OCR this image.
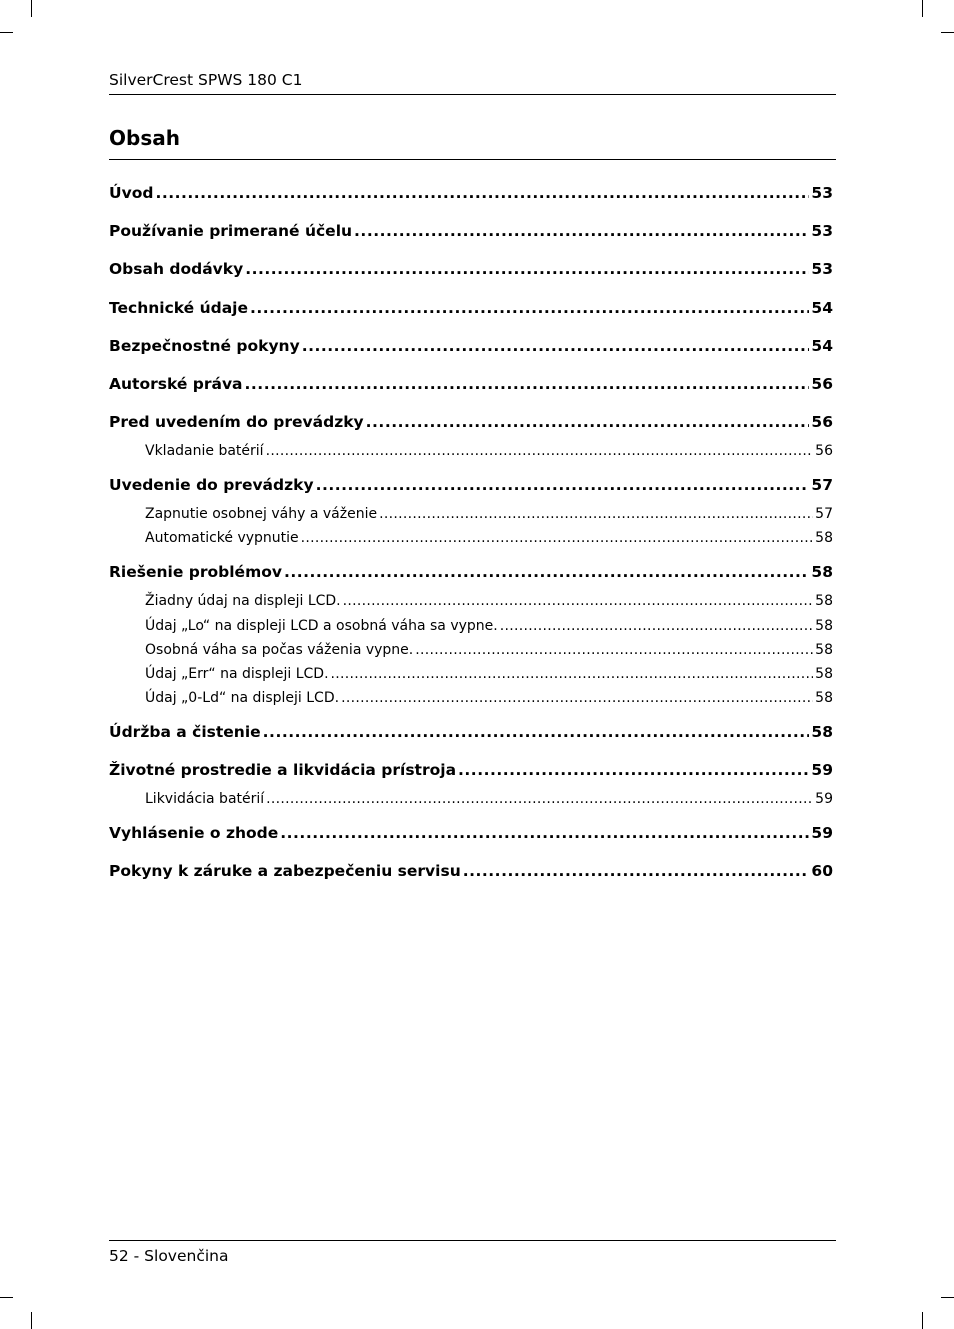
SilverCrest SPWS 180 C1
Obsah
Úvod .....	53
Používanie primerané účelu .....	53
Obsah dodávky .....	53
Technické údaje .....	54
Bezpečnostné pokyny .....	54
Autorské práva .....	56
Pred uvedením do prevádzky .....	56
Vkladanie batérií .....	56
Uvedenie do prevádzky .....	57
Zapnutie osobnej váhy a váženie .....	57
Automatické vypnutie .....	58
Riešenie problémov .....	58
Žiadny údaj na displeji LCD. .....	58
Údaj „Lo“ na displeji LCD a osobná váha sa vypne. .....	58
Osobná váha sa počas váženia vypne. .....	58
Údaj „Err“ na displeji LCD. .....	58
Údaj „0-Ld“ na displeji LCD. .....	58
Údržba a čistenie .....	58
Životné prostredie a likvidácia prístroja .....	59
Likvidácia batérií .....	59
Vyhlásenie o zhode .....	59
Pokyny k záruke a zabezpečeniu servisu .....	60
52 - Slovenčina
